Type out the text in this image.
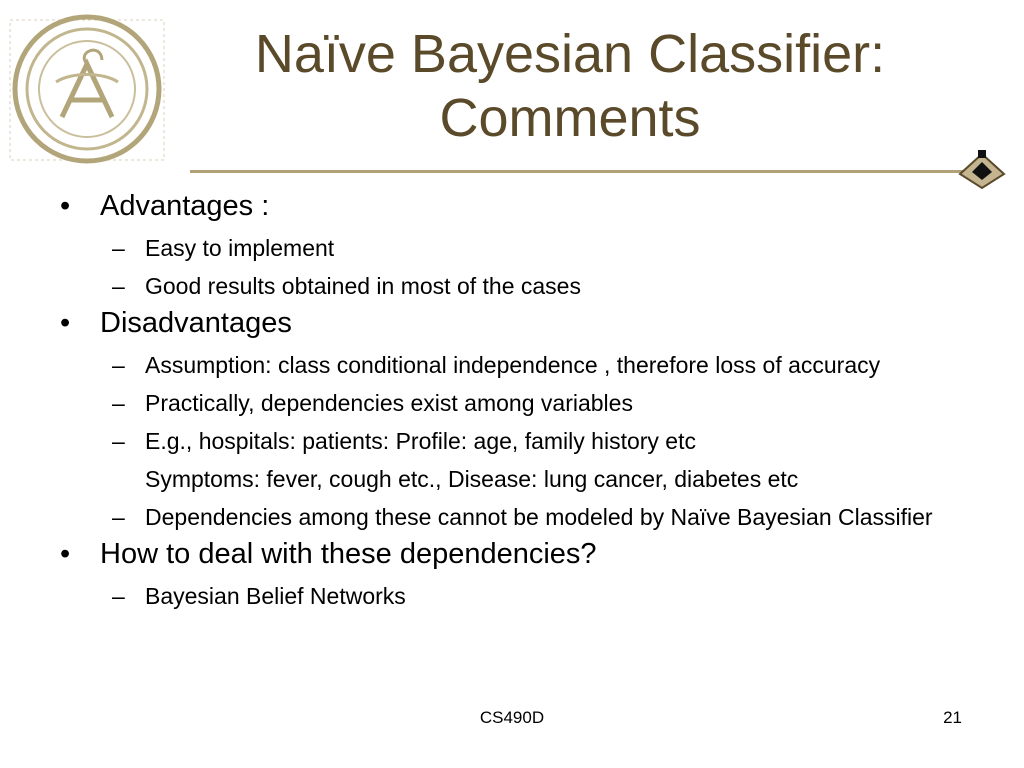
Naïve Bayesian Classifier:
Comments
• Advantages :
– Easy to implement
– Good results obtained in most of the cases
• Disadvantages
– Assumption: class conditional independence , therefore loss of accuracy
– Practically, dependencies exist among variables
– E.g., hospitals: patients: Profile: age, family history etc
Symptoms: fever, cough etc., Disease: lung cancer, diabetes etc
– Dependencies among these cannot be modeled by Naïve Bayesian Classifier
• How to deal with these dependencies?
– Bayesian Belief Networks
CS490D	21
